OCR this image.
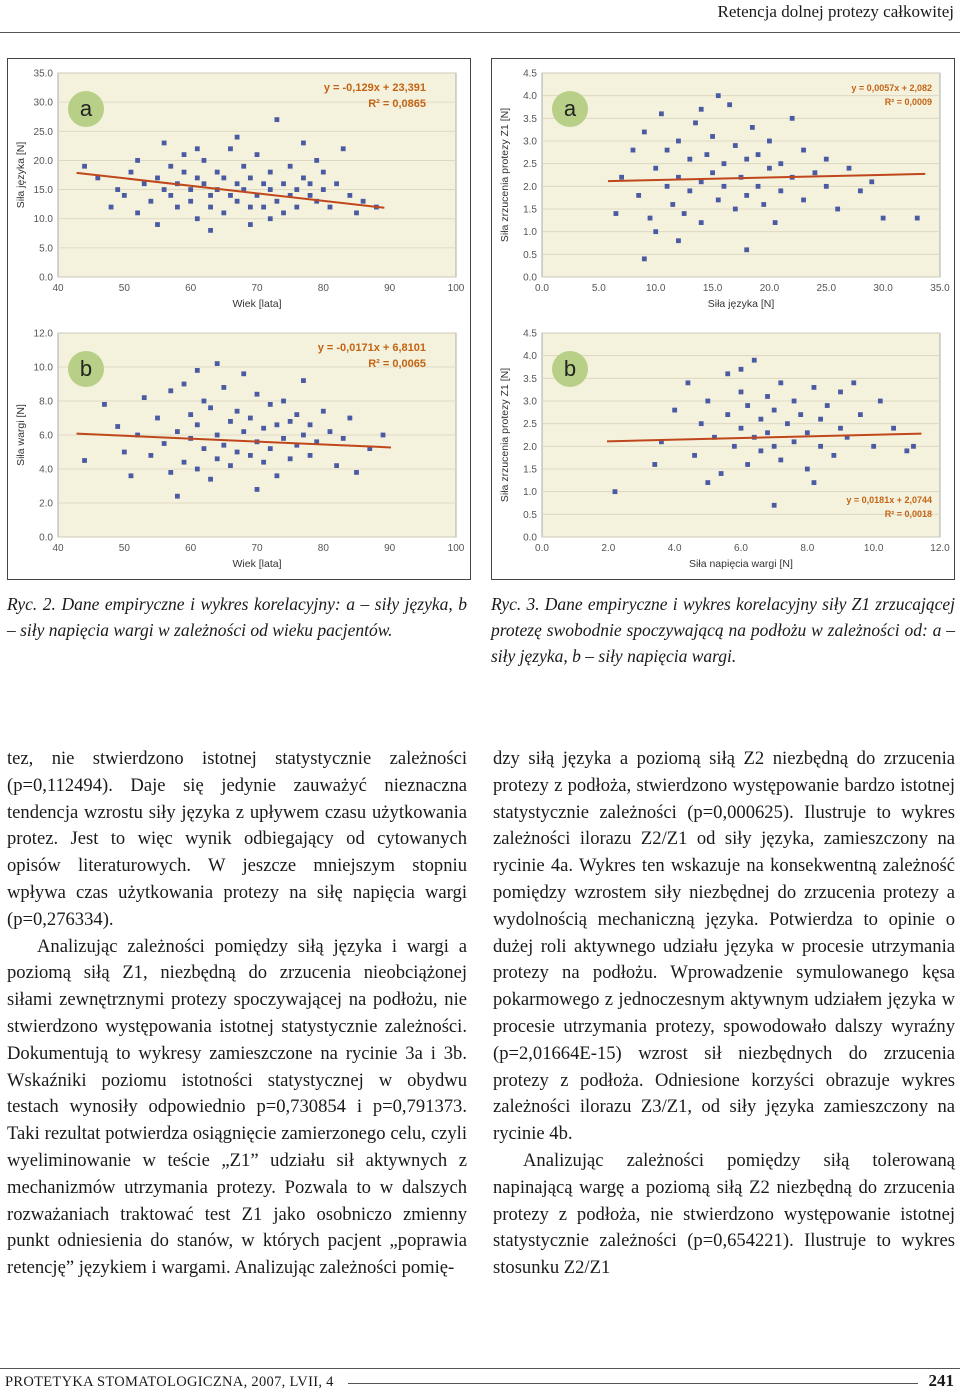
Retencja dolnej protezy całkowitej
0.0
5.0
10.0
15.0
20.0
25.0
30.0
35.0
40	50	60	70	80	90	100
Wiek [lata]
Siła języka [N]
a
y = -0,129x + 23,391
R² = 0,0865
0.0
2.0
4.0
6.0
8.0
10.0
12.0
40	50	60	70	80	90	100
Wiek [lata]
Siła wargi [N]
b
y = -0,0171x + 6,8101
R² = 0,0065
0.0
0.5
1.0
1.5
2.0
2.5
3.0
3.5
4.0
4.5
0.0	5.0	10.0	15.0	20.0	25.0	30.0	35.0
Siła języka [N]
Siła zrzucenia protezy Z1 [N] a
y = 0,0057x + 2,082
R² = 0,0009
0.0
0.5
1.0
1.5
2.0
2.5
3.0
3.5
4.0
4.5
0.0	2.0	4.0	6.0	8.0	10.0	12.0
Siła napięcia wargi [N]
Siła zrzucenia protezy Z1 [N] b
y = 0,0181x + 2,0744
R² = 0,0018
Ryc. 2. Dane empiryczne i wykres korelacyjny: a – siły języka, b – siły napięcia wargi w zależności od wieku pacjentów.
Ryc. 3. Dane empiryczne i wykres korelacyjny siły Z1 zrzucającej protezę swobodnie spoczywającą na podłożu w zależności od: a – siły języka, b – siły napięcia wargi.

tez, nie stwierdzono istotnej statystycznie zależności (p=0,112494). Daje się jedynie zauważyć nieznaczna tendencja wzrostu siły języka z upływem czasu użytkowania protez. Jest to więc wynik odbiegający od cytowanych opisów literaturowych. W jeszcze mniejszym stopniu wpływa czas użytkowania protezy na siłę napięcia wargi (p=0,276334).

Analizując zależności pomiędzy siłą języka i wargi a poziomą siłą Z1, niezbędną do zrzucenia nieobciążonej siłami zewnętrznymi protezy spoczywającej na podłożu, nie stwierdzono występowania istotnej statystycznie zależności. Dokumentują to wykresy zamieszczone na rycinie 3a i 3b. Wskaźniki poziomu istotności statystycznej w obydwu testach wynosiły odpowiednio p=0,730854 i p=0,791373. Taki rezultat potwierdza osiągnięcie zamierzonego celu, czyli wyeliminowanie w teście „Z1” udziału sił aktywnych z mechanizmów utrzymania protezy. Pozwala to w dalszych rozważaniach traktować test Z1 jako osobniczo zmienny punkt odniesienia do stanów, w których pacjent „poprawia retencję” językiem i wargami. Analizując zależności pomię-

dzy siłą języka a poziomą siłą Z2 niezbędną do zrzucenia protezy z podłoża, stwierdzono występowanie bardzo istotnej statystycznie zależności (p=0,000625). Ilustruje to wykres zależności ilorazu Z2/Z1 od siły języka, zamieszczony na rycinie 4a. Wykres ten wskazuje na konsekwentną zależność pomiędzy wzrostem siły niezbędnej do zrzucenia protezy a wydolnością mechaniczną języka. Potwierdza to opinie o dużej roli aktywnego udziału języka w procesie utrzymania protezy na podłożu. Wprowadzenie symulowanego kęsa pokarmowego z jednoczesnym aktywnym udziałem języka w procesie utrzymania protezy, spowodowało dalszy wyraźny (p=2,01664E-15) wzrost sił niezbędnych do zrzucenia protezy z podłoża. Odniesione korzyści obrazuje wykres zależności ilorazu Z3/Z1, od siły języka zamieszczony na rycinie 4b.

Analizując zależności pomiędzy siłą tolerowaną napinającą wargę a poziomą siłą Z2 niezbędną do zrzucenia protezy z podłoża, nie stwierdzono występowanie istotnej statystycznie zależności (p=0,654221). Ilustruje to wykres stosunku Z2/Z1

PROTETYKA STOMATOLOGICZNA, 2007, LVII, 4	241
